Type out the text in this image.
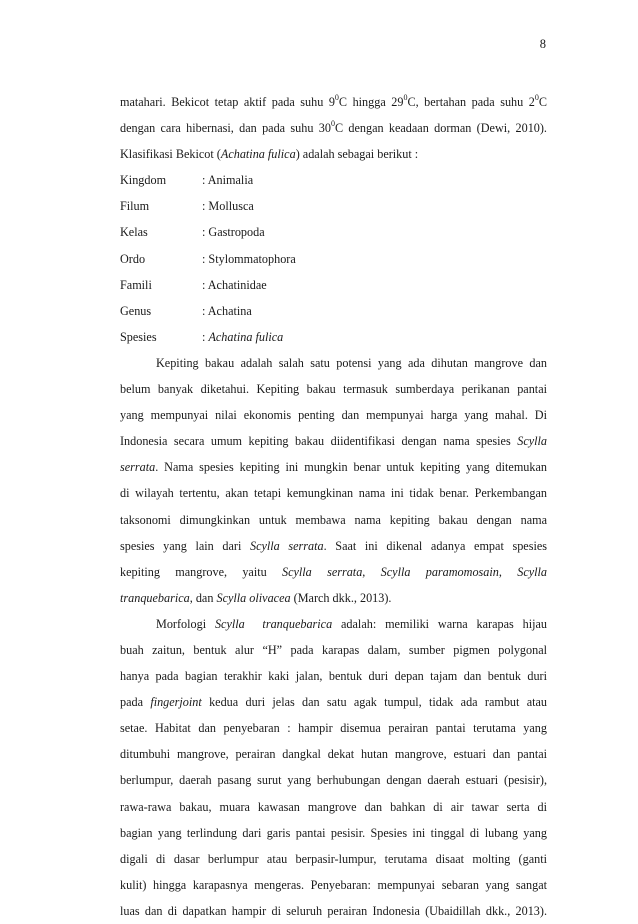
8
matahari. Bekicot tetap aktif pada suhu $9^0C$ hingga $29^0C$, bertahan pada suhu $2^0C$
dengan cara hibernasi, dan pada suhu $30^0C$ dengan keadaan dorman (Dewi, 2010).
Klasifikasi Bekicot (Achatina fulica) adalah sebagai berikut :
Kingdom	: Animalia
Filum	: Mollusca
Kelas	: Gastropoda
Ordo	: Stylommatophora
Famili	: Achatinidae
Genus	: Achatina
Spesies	: Achatina fulica
Kepiting bakau adalah salah satu potensi yang ada dihutan mangrove dan
belum banyak diketahui. Kepiting bakau termasuk sumberdaya perikanan pantai
yang mempunyai nilai ekonomis penting dan mempunyai harga yang mahal. Di
Indonesia secara umum kepiting bakau diidentifikasi dengan nama spesies Scylla
serrata. Nama spesies kepiting ini mungkin benar untuk kepiting yang ditemukan
di wilayah tertentu, akan tetapi kemungkinan nama ini tidak benar. Perkembangan
taksonomi dimungkinkan untuk membawa nama kepiting bakau dengan nama
spesies yang lain dari Scylla serrata. Saat ini dikenal adanya empat spesies
kepiting mangrove, yaitu Scylla serrata, Scylla paramomosain, Scylla
tranquebarica, dan Scylla olivacea (March dkk., 2013).
Morfologi Scylla  tranquebarica adalah: memiliki warna karapas hijau
buah zaitun, bentuk alur “H” pada karapas dalam, sumber pigmen polygonal
hanya pada bagian terakhir kaki jalan, bentuk duri depan tajam dan bentuk duri
pada fingerjoint kedua duri jelas dan satu agak tumpul, tidak ada rambut atau
setae. Habitat dan penyebaran : hampir disemua perairan pantai terutama yang
ditumbuhi mangrove, perairan dangkal dekat hutan mangrove, estuari dan pantai
berlumpur, daerah pasang surut yang berhubungan dengan daerah estuari (pesisir),
rawa-rawa bakau, muara kawasan mangrove dan bahkan di air tawar serta di
bagian yang terlindung dari garis pantai pesisir. Spesies ini tinggal di lubang yang
digali di dasar berlumpur atau berpasir-lumpur, terutama disaat molting (ganti
kulit) hingga karapasnya mengeras. Penyebaran: mempunyai sebaran yang sangat
luas dan di dapatkan hampir di seluruh perairan Indonesia (Ubaidillah dkk., 2013).
